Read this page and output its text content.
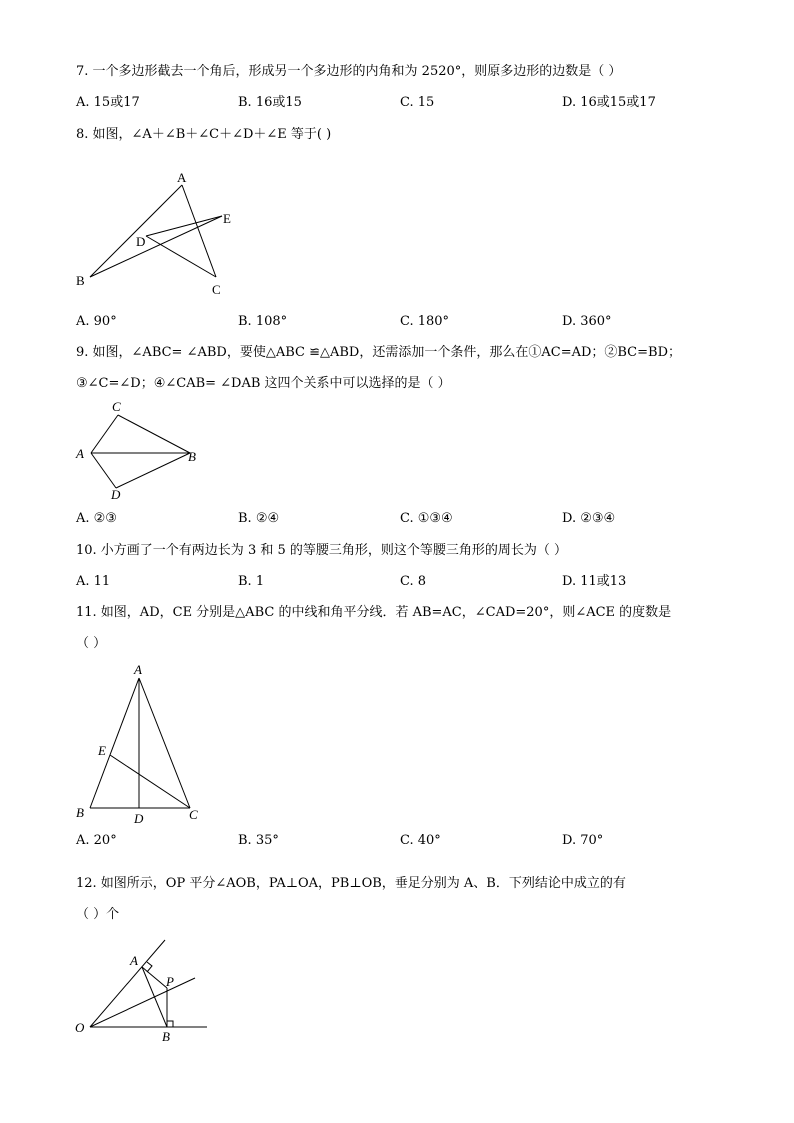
7. 一个多边形截去一个角后，形成另一个多边形的内角和为 2520°，则原多边形的边数是（ ）
A. 15或17	B. 16或15	C. 15	D. 16或15或17
8. 如图，∠A＋∠B＋∠C＋∠D＋∠E 等于( )
A
E
D
B
C
A. 90°	B. 108°	C. 180°	D. 360°
9. 如图，∠ABC= ∠ABD，要使△ABC ≌△ABD，还需添加一个条件，那么在①AC=AD；②BC=BD；
③∠C=∠D；④∠CAB= ∠DAB 这四个关系中可以选择的是（ ）
C
A	B
D
A. ②③	B. ②④	C. ①③④	D. ②③④
10. 小方画了一个有两边长为 3 和 5 的等腰三角形，则这个等腰三角形的周长为（ ）
A. 11	B. 1	C. 8	D. 11或13
11. 如图，AD，CE 分别是△ABC 的中线和角平分线．若 AB=AC，∠CAD=20°，则∠ACE 的度数是
（ ）
A
E
B	D	C
A. 20°	B. 35°	C. 40°	D. 70°
12. 如图所示，OP 平分∠AOB，PA⊥OA，PB⊥OB，垂足分别为 A、B．下列结论中成立的有
（ ）个
A
P
O
B
